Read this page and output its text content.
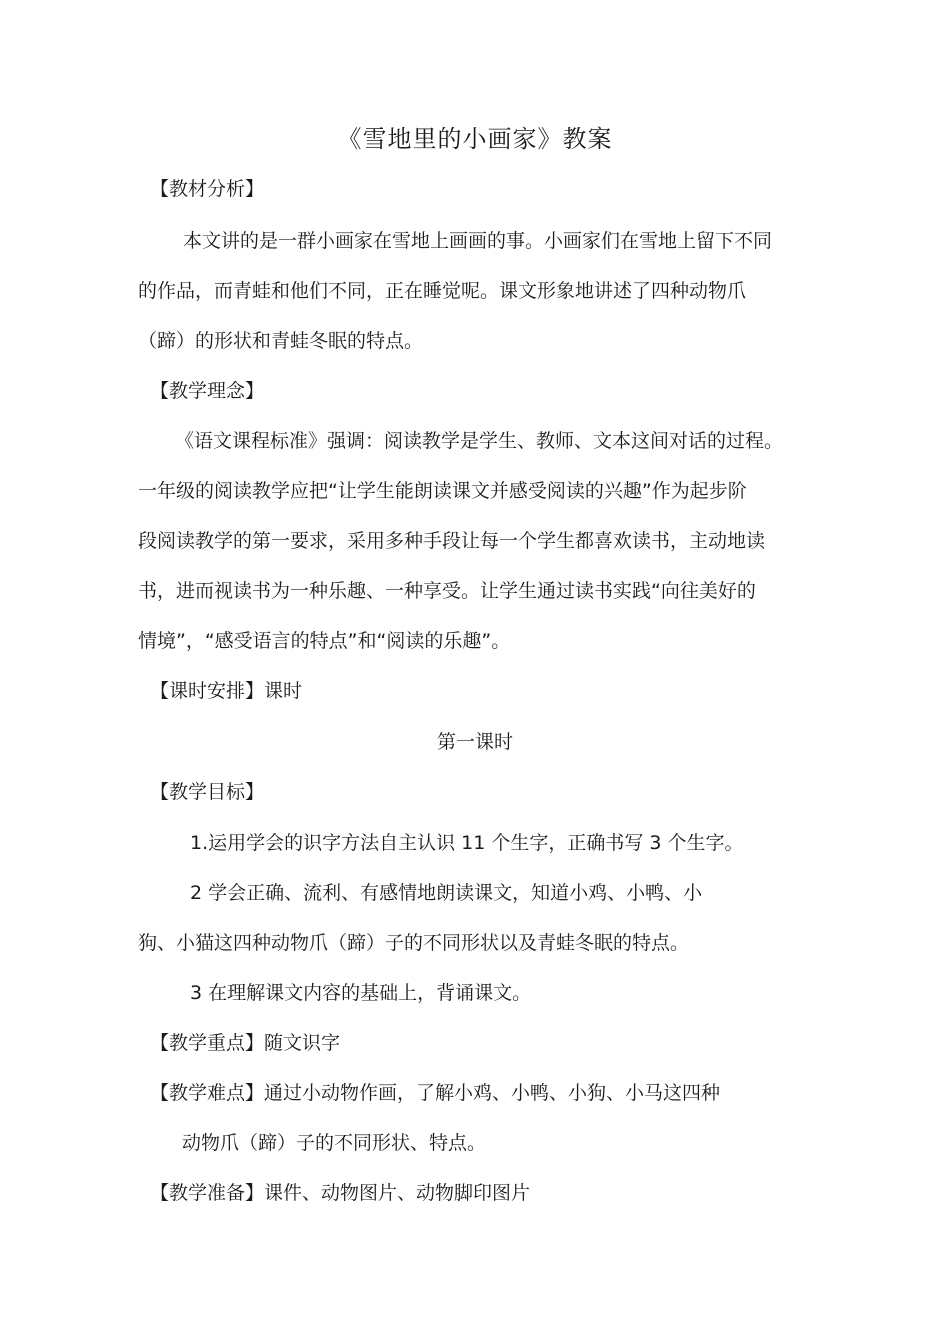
《雪地里的小画家》教案
【教材分析】
本文讲的是一群小画家在雪地上画画的事。小画家们在雪地上留下不同
的作品，而青蛙和他们不同，正在睡觉呢。课文形象地讲述了四种动物爪
（蹄）的形状和青蛙冬眠的特点。
【教学理念】
《语文课程标准》强调：阅读教学是学生、教师、文本这间对话的过程。
一年级的阅读教学应把“让学生能朗读课文并感受阅读的兴趣”作为起步阶
段阅读教学的第一要求，采用多种手段让每一个学生都喜欢读书，主动地读
书，进而视读书为一种乐趣、一种享受。让学生通过读书实践“向往美好的
情境”，“感受语言的特点”和“阅读的乐趣”。
【课时安排】课时
第一课时
【教学目标】
1.运用学会的识字方法自主认识 11 个生字，正确书写 3 个生字。
2 学会正确、流利、有感情地朗读课文，知道小鸡、小鸭、小
狗、小猫这四种动物爪（蹄）子的不同形状以及青蛙冬眠的特点。
3 在理解课文内容的基础上，背诵课文。
【教学重点】随文识字
【教学难点】通过小动物作画，了解小鸡、小鸭、小狗、小马这四种
动物爪（蹄）子的不同形状、特点。
【教学准备】课件、动物图片、动物脚印图片
